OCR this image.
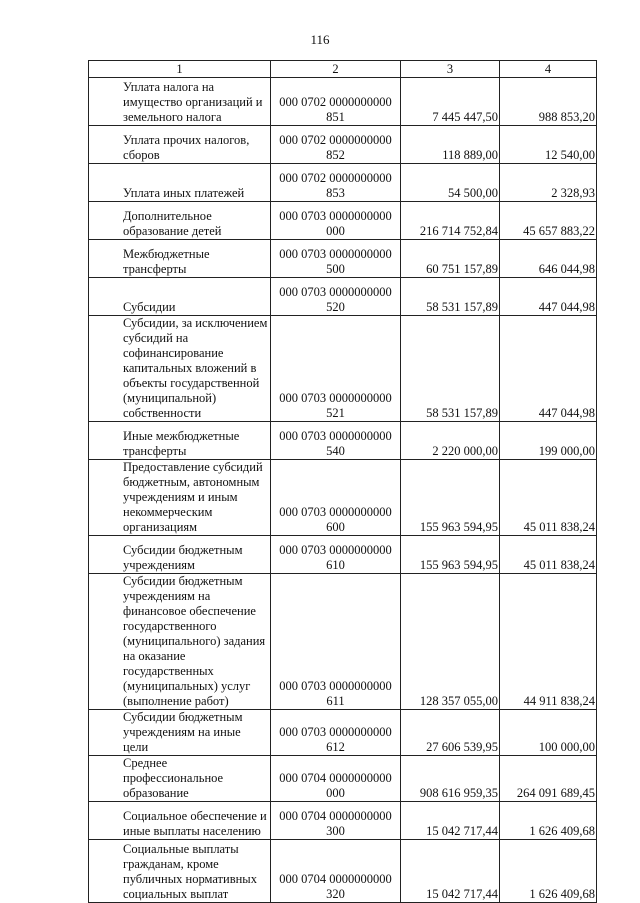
116
1	2	3	4
Уплата налога на имущество организаций и земельного налога	000 0702 0000000000 851	7 445 447,50	988 853,20
Уплата прочих налогов, сборов	000 0702 0000000000 852	118 889,00	12 540,00
Уплата иных платежей	000 0702 0000000000 853	54 500,00	2 328,93
Дополнительное образование детей	000 0703 0000000000 000	216 714 752,84	45 657 883,22
Межбюджетные трансферты	000 0703 0000000000 500	60 751 157,89	646 044,98
Субсидии	000 0703 0000000000 520	58 531 157,89	447 044,98
Субсидии, за исключением субсидий на софинансирование капитальных вложений в объекты государственной (муниципальной) собственности	000 0703 0000000000 521	58 531 157,89	447 044,98
Иные межбюджетные трансферты	000 0703 0000000000 540	2 220 000,00	199 000,00
Предоставление субсидий бюджетным, автономным учреждениям и иным некоммерческим организациям	000 0703 0000000000 600	155 963 594,95	45 011 838,24
Субсидии бюджетным учреждениям	000 0703 0000000000 610	155 963 594,95	45 011 838,24
Субсидии бюджетным учреждениям на финансовое обеспечение государственного (муниципального) задания на оказание государственных (муниципальных) услуг (выполнение работ)	000 0703 0000000000 611	128 357 055,00	44 911 838,24
Субсидии бюджетным учреждениям на иные цели	000 0703 0000000000 612	27 606 539,95	100 000,00
Среднее профессиональное образование	000 0704 0000000000 000	908 616 959,35	264 091 689,45
Социальное обеспечение и иные выплаты населению	000 0704 0000000000 300	15 042 717,44	1 626 409,68
Социальные выплаты гражданам, кроме публичных нормативных социальных выплат	000 0704 0000000000 320	15 042 717,44	1 626 409,68
